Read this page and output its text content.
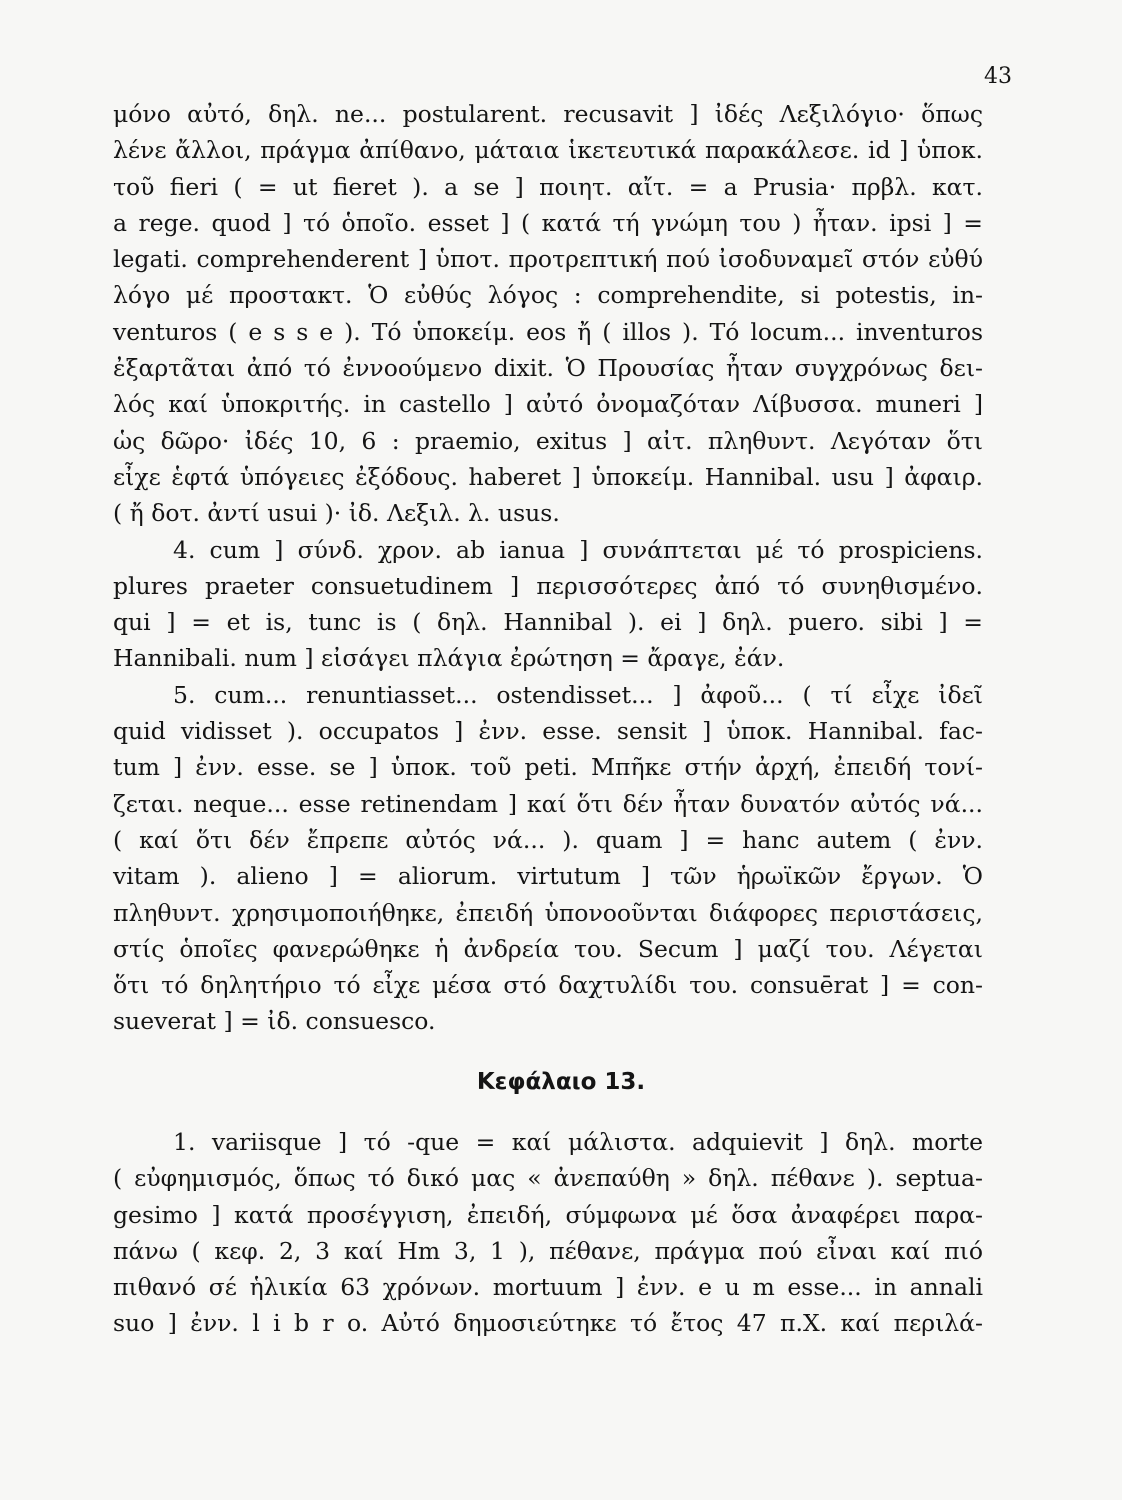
43
μόνο αὐτό, δηλ. ne... postularent. recusavit ] ἰδές Λεξιλόγιο· ὅπως
λένε ἄλλοι, πράγμα ἀπίθανο, μάταια ἱκετευτικά παρακάλεσε. id ] ὑποκ.
τοῦ fieri ( = ut fieret ). a se ] ποιητ. αἴτ. = a Prusia· πρβλ. κατ.
a rege. quod ] τό ὁποῖο. esset ] ( κατά τή γνώμη του ) ἦταν. ipsi ] =
legati. comprehenderent ] ὑποτ. προτρεπτική πού ἰσοδυναμεῖ στόν εὐθύ
λόγο μέ προστακτ. Ὁ εὐθύς λόγος : comprehendite, si potestis, in-
venturos ( e s s e ). Τό ὑποκείμ. eos ἤ ( illos ). Τό locum... inventuros
ἐξαρτᾶται ἀπό τό ἐννοούμενο dixit. Ὁ Προυσίας ἦταν συγχρόνως δει-
λός καί ὑποκριτής. in castello ] αὐτό ὀνομαζόταν Λίβυσσα. muneri ]
ὡς δῶρο· ἰδές 10, 6 : praemio, exitus ] αἰτ. πληθυντ. Λεγόταν ὅτι
εἶχε ἑφτά ὑπόγειες ἐξόδους. haberet ] ὑποκείμ. Hannibal. usu ] ἀφαιρ.
( ἤ δοτ. ἀντί usui )· ἰδ. Λεξιλ. λ. usus.
4. cum ] σύνδ. χρον. ab ianua ] συνάπτεται μέ τό prospiciens.
plures praeter consuetudinem ] περισσότερες ἀπό τό συνηθισμένο.
qui ] = et is, tunc is ( δηλ. Hannibal ). ei ] δηλ. puero. sibi ] =
Hannibali. num ] εἰσάγει πλάγια ἐρώτηση = ἄραγε, ἐάν.
5. cum... renuntiasset... ostendisset... ] ἀφοῦ... ( τί εἶχε ἰδεῖ
quid vidisset ). occupatos ] ἐνν. esse. sensit ] ὑποκ. Hannibal. fac-
tum ] ἐνν. esse. se ] ὑποκ. τοῦ peti. Μπῆκε στήν ἀρχή, ἐπειδή τονί-
ζεται. neque... esse retinendam ] καί ὅτι δέν ἦταν δυνατόν αὐτός νά...
( καί ὅτι δέν ἔπρεπε αὐτός νά... ). quam ] = hanc autem ( ἐνν.
vitam ). alieno ] = aliorum. virtutum ] τῶν ἡρωϊκῶν ἔργων. Ὁ
πληθυντ. χρησιμοποιήθηκε, ἐπειδή ὑπονοοῦνται διάφορες περιστάσεις,
στίς ὁποῖες φανερώθηκε ἡ ἀνδρεία του. Secum ] μαζί του. Λέγεται
ὅτι τό δηλητήριο τό εἶχε μέσα στό δαχτυλίδι του. consuērat ] = con-
sueverat ] = ἰδ. consuesco.
Κεφάλαιο 13.
1. variisque ] τό -que = καί μάλιστα. adquievit ] δηλ. morte
( εὐφημισμός, ὅπως τό δικό μας « ἀνεπαύθη » δηλ. πέθανε ). septua-
gesimo ] κατά προσέγγιση, ἐπειδή, σύμφωνα μέ ὅσα ἀναφέρει παρα-
πάνω ( κεφ. 2, 3 καί Hm 3, 1 ), πέθανε, πράγμα πού εἶναι καί πιό
πιθανό σέ ἡλικία 63 χρόνων. mortuum ] ἐνν. e u m esse... in annali
suo ] ἐνν. l i b r o. Αὐτό δημοσιεύτηκε τό ἔτος 47 π.Χ. καί περιλά-
